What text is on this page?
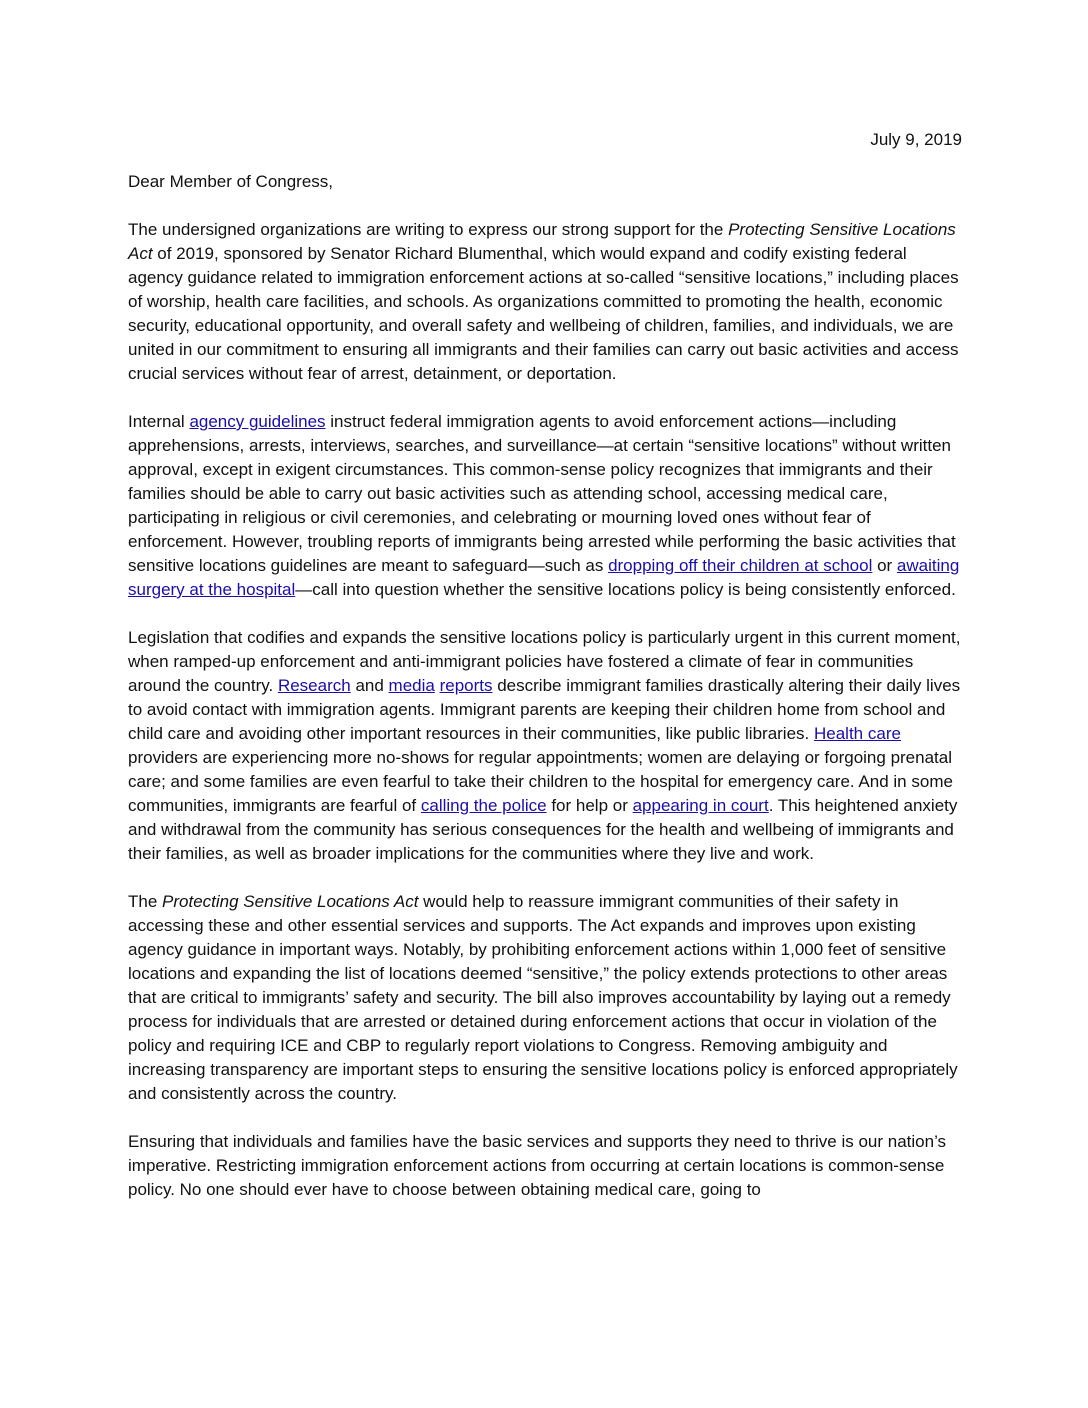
July 9, 2019
Dear Member of Congress,

The undersigned organizations are writing to express our strong support for the Protecting Sensitive Locations Act of 2019, sponsored by Senator Richard Blumenthal, which would expand and codify existing federal agency guidance related to immigration enforcement actions at so-called “sensitive locations,” including places of worship, health care facilities, and schools. As organizations committed to promoting the health, economic security, educational opportunity, and overall safety and wellbeing of children, families, and individuals, we are united in our commitment to ensuring all immigrants and their families can carry out basic activities and access crucial services without fear of arrest, detainment, or deportation.

Internal agency guidelines instruct federal immigration agents to avoid enforcement actions—including apprehensions, arrests, interviews, searches, and surveillance—at certain “sensitive locations” without written approval, except in exigent circumstances. This common-sense policy recognizes that immigrants and their families should be able to carry out basic activities such as attending school, accessing medical care, participating in religious or civil ceremonies, and celebrating or mourning loved ones without fear of enforcement. However, troubling reports of immigrants being arrested while performing the basic activities that sensitive locations guidelines are meant to safeguard—such as dropping off their children at school or awaiting surgery at the hospital—call into question whether the sensitive locations policy is being consistently enforced.

Legislation that codifies and expands the sensitive locations policy is particularly urgent in this current moment, when ramped-up enforcement and anti-immigrant policies have fostered a climate of fear in communities around the country. Research and media reports describe immigrant families drastically altering their daily lives to avoid contact with immigration agents. Immigrant parents are keeping their children home from school and child care and avoiding other important resources in their communities, like public libraries. Health care providers are experiencing more no-shows for regular appointments; women are delaying or forgoing prenatal care; and some families are even fearful to take their children to the hospital for emergency care. And in some communities, immigrants are fearful of calling the police for help or appearing in court. This heightened anxiety and withdrawal from the community has serious consequences for the health and wellbeing of immigrants and their families, as well as broader implications for the communities where they live and work.

The Protecting Sensitive Locations Act would help to reassure immigrant communities of their safety in accessing these and other essential services and supports. The Act expands and improves upon existing agency guidance in important ways. Notably, by prohibiting enforcement actions within 1,000 feet of sensitive locations and expanding the list of locations deemed “sensitive,” the policy extends protections to other areas that are critical to immigrants’ safety and security. The bill also improves accountability by laying out a remedy process for individuals that are arrested or detained during enforcement actions that occur in violation of the policy and requiring ICE and CBP to regularly report violations to Congress. Removing ambiguity and increasing transparency are important steps to ensuring the sensitive locations policy is enforced appropriately and consistently across the country.

Ensuring that individuals and families have the basic services and supports they need to thrive is our nation’s imperative. Restricting immigration enforcement actions from occurring at certain locations is common-sense policy. No one should ever have to choose between obtaining medical care, going to
